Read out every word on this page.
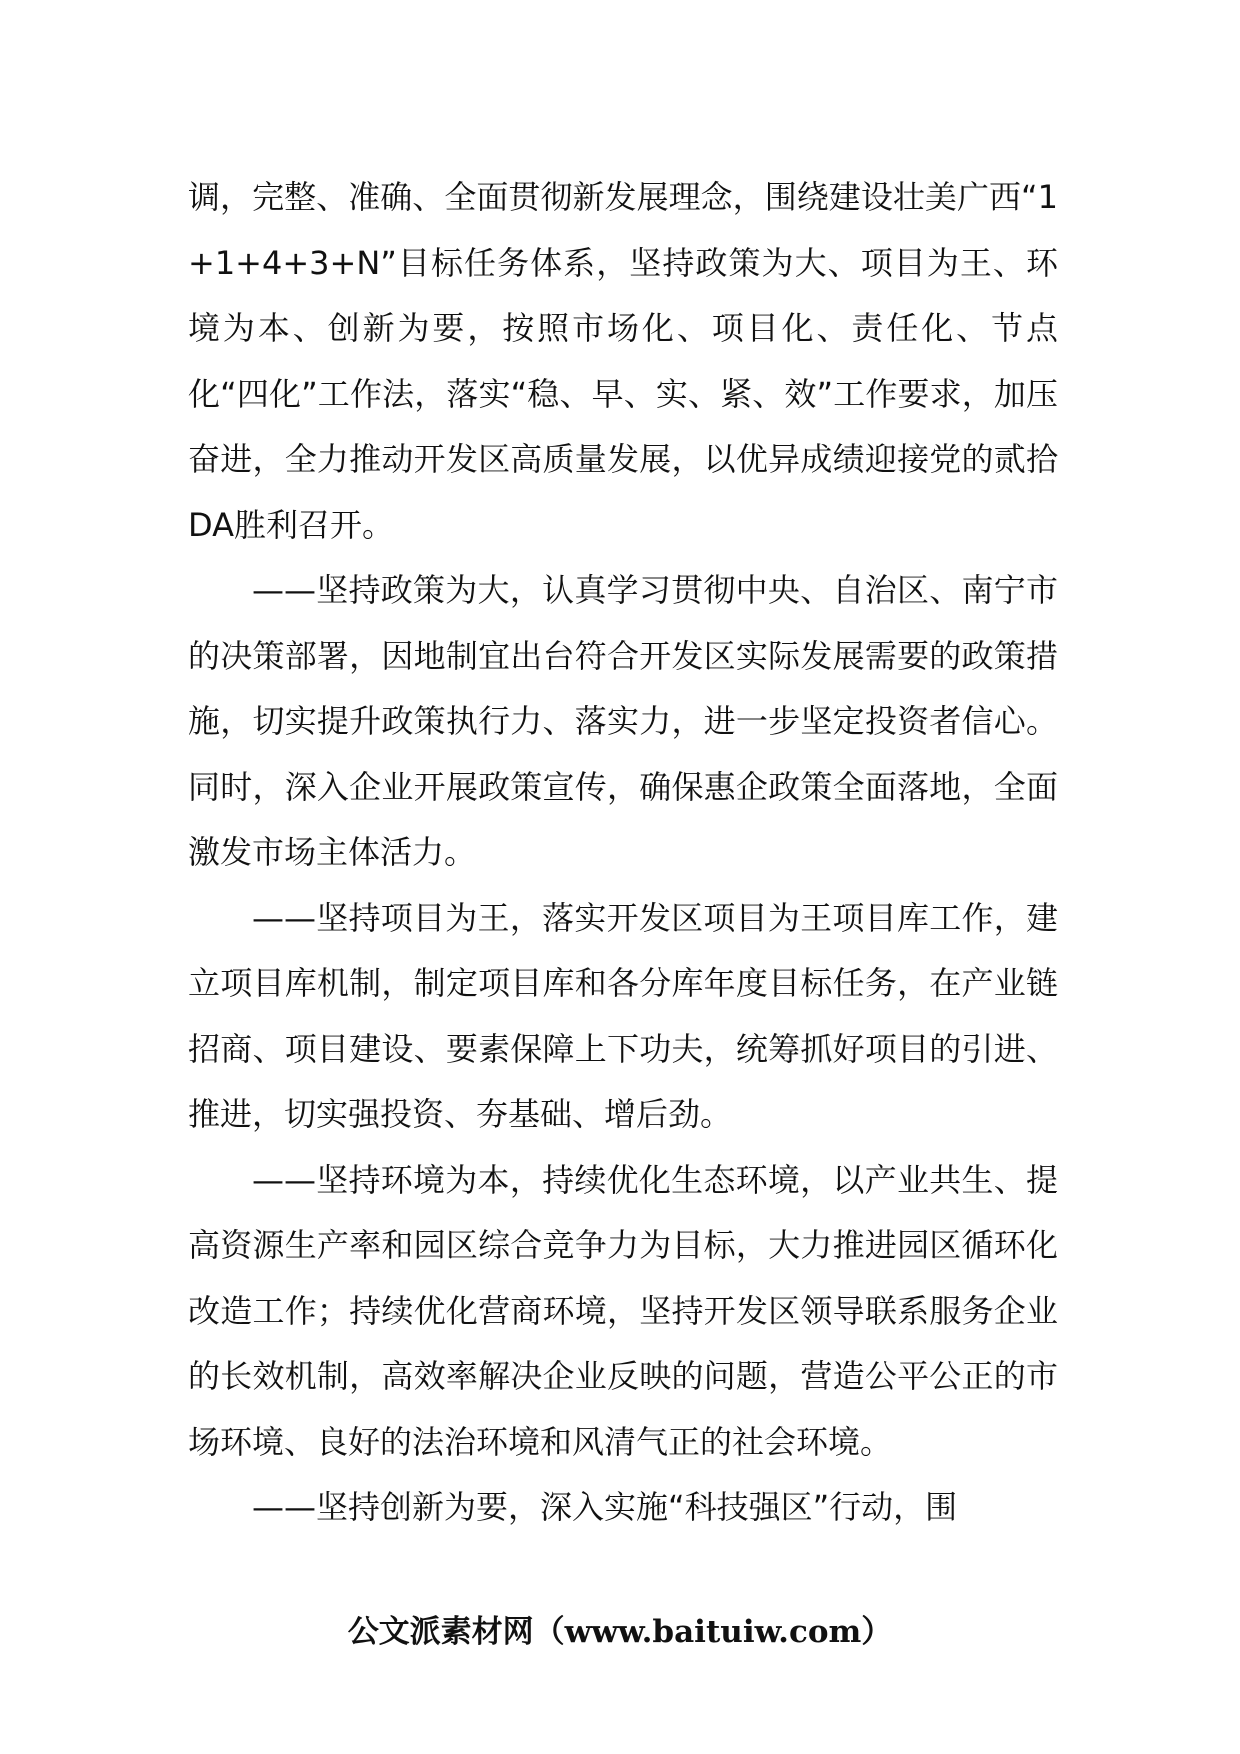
调，完整、准确、全面贯彻新发展理念，围绕建设壮美广西“1+1+4+3+N”目标任务体系，坚持政策为大、项目为王、环境为本、创新为要，按照市场化、项目化、责任化、节点化“四化”工作法，落实“稳、早、实、紧、效”工作要求，加压奋进，全力推动开发区高质量发展，以优异成绩迎接党的贰拾DA胜利召开。

——坚持政策为大，认真学习贯彻中央、自治区、南宁市的决策部署，因地制宜出台符合开发区实际发展需要的政策措施，切实提升政策执行力、落实力，进一步坚定投资者信心。同时，深入企业开展政策宣传，确保惠企政策全面落地，全面激发市场主体活力。

——坚持项目为王，落实开发区项目为王项目库工作，建立项目库机制，制定项目库和各分库年度目标任务，在产业链招商、项目建设、要素保障上下功夫，统筹抓好项目的引进、推进，切实强投资、夯基础、增后劲。

——坚持环境为本，持续优化生态环境，以产业共生、提高资源生产率和园区综合竞争力为目标，大力推进园区循环化改造工作；持续优化营商环境，坚持开发区领导联系服务企业的长效机制，高效率解决企业反映的问题，营造公平公正的市场环境、良好的法治环境和风清气正的社会环境。

——坚持创新为要，深入实施“科技强区”行动，围

公文派素材网（www.baituiw.com）
